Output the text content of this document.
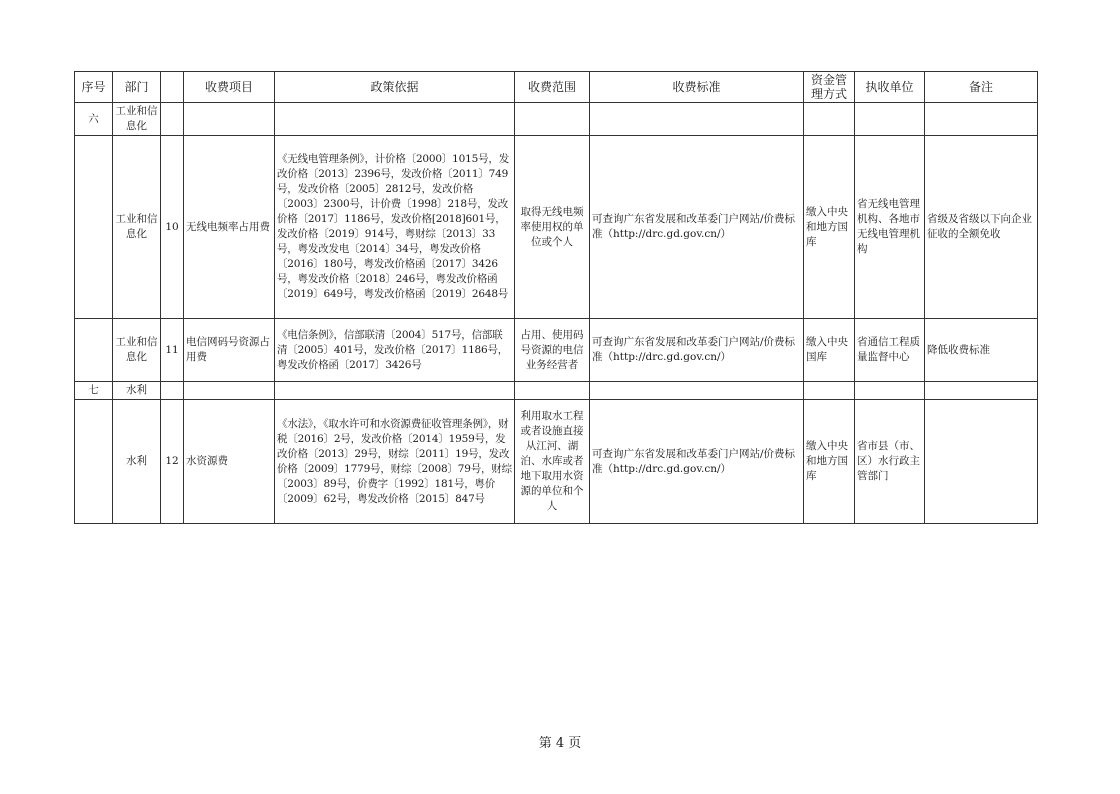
序号	部门		收费项目	政策依据	收费范围	收费标准	资金管理方式	执收单位	备注
六	工业和信息化								
	工业和信息化	10	无线电频率占用费	《无线电管理条例》，计价格〔2000〕1015号，发改价格〔2013〕2396号，发改价格〔2011〕749号，发改价格〔2005〕2812号，发改价格〔2003〕2300号，计价费〔1998〕218号，发改价格〔2017〕1186号，发改价格[2018]601号，发改价格〔2019〕914号，粤财综〔2013〕33号，粤发改发电〔2014〕34号，粤发改价格〔2016〕180号，粤发改价格函〔2017〕3426号，粤发改价格〔2018〕246号，粤发改价格函〔2019〕649号，粤发改价格函〔2019〕2648号	取得无线电频率使用权的单位或个人	可查询广东省发展和改革委门户网站/价费标准（http://drc.gd.gov.cn/）	缴入中央和地方国库	省无线电管理机构、各地市无线电管理机构	省级及省级以下向企业征收的全额免收
	工业和信息化	11	电信网码号资源占用费	《电信条例》，信部联清〔2004〕517号，信部联清〔2005〕401号，发改价格〔2017〕1186号，粤发改价格函〔2017〕3426号	占用、使用码号资源的电信业务经营者	可查询广东省发展和改革委门户网站/价费标准（http://drc.gd.gov.cn/）	缴入中央国库	省通信工程质量监督中心	降低收费标准
七	水利								
	水利	12	水资源费	《水法》，《取水许可和水资源费征收管理条例》，财税〔2016〕2号，发改价格〔2014〕1959号，发改价格〔2013〕29号，财综〔2011〕19号，发改价格〔2009〕1779号，财综〔2008〕79号，财综〔2003〕89号，价费字〔1992〕181号，粤价〔2009〕62号，粤发改价格〔2015〕847号	利用取水工程或者设施直接从江河、湖泊、水库或者地下取用水资源的单位和个人	可查询广东省发展和改革委门户网站/价费标准（http://drc.gd.gov.cn/）	缴入中央和地方国库	省市县（市、区）水行政主管部门	
第 4 页
